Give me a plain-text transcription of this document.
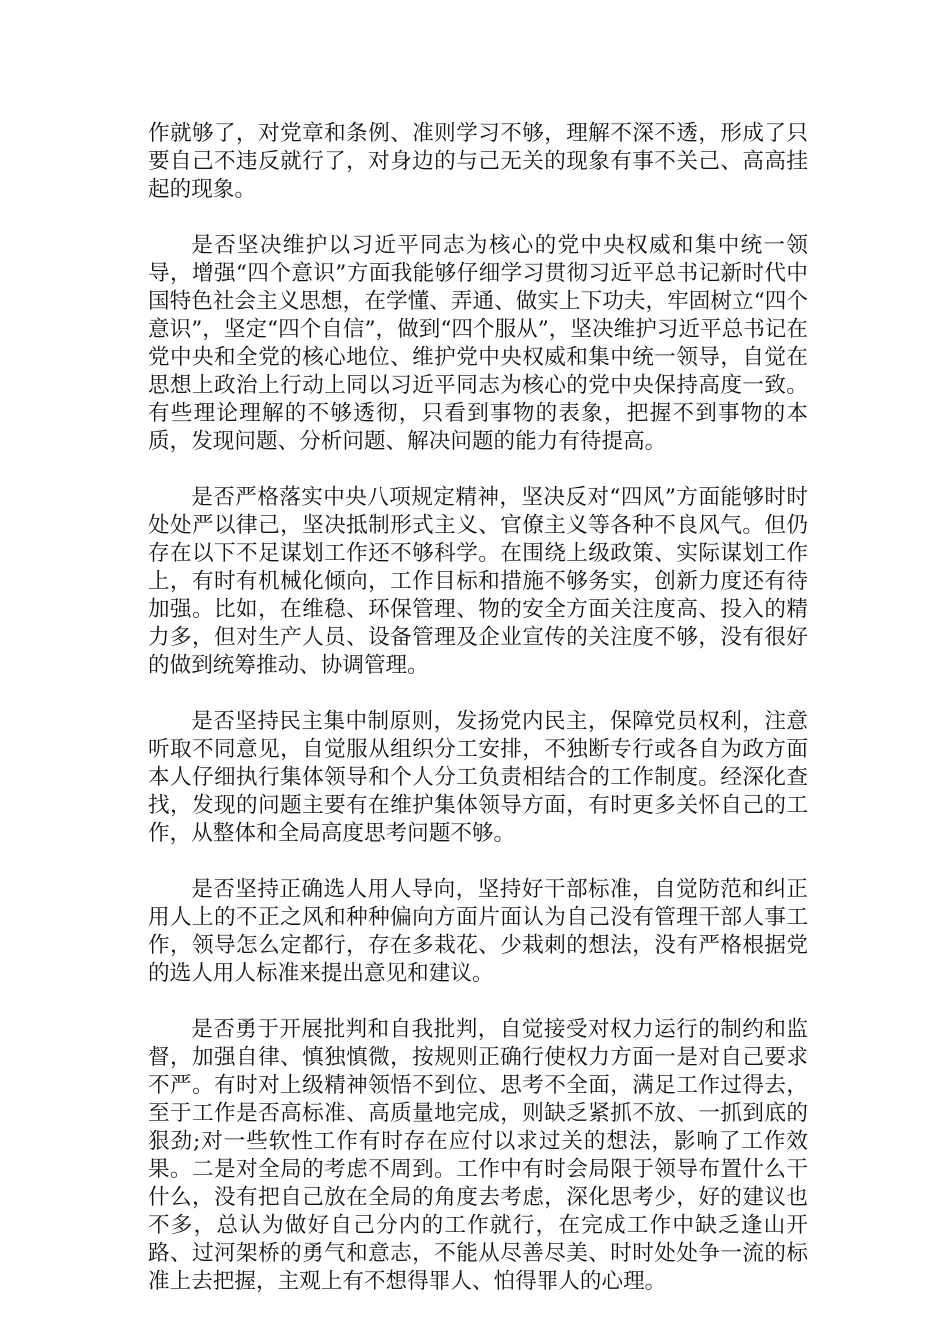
作就够了，对党章和条例、准则学习不够，理解不深不透，形成了只要自己不违反就行了，对身边的与己无关的现象有事不关己、高高挂起的现象。

是否坚决维护以习近平同志为核心的党中央权威和集中统一领导，增强“四个意识”方面我能够仔细学习贯彻习近平总书记新时代中国特色社会主义思想，在学懂、弄通、做实上下功夫，牢固树立“四个意识”，坚定“四个自信”，做到“四个服从”，坚决维护习近平总书记在党中央和全党的核心地位、维护党中央权威和集中统一领导，自觉在思想上政治上行动上同以习近平同志为核心的党中央保持高度一致。有些理论理解的不够透彻，只看到事物的表象，把握不到事物的本质，发现问题、分析问题、解决问题的能力有待提高。

是否严格落实中央八项规定精神，坚决反对“四风”方面能够时时处处严以律己，坚决抵制形式主义、官僚主义等各种不良风气。但仍存在以下不足谋划工作还不够科学。在围绕上级政策、实际谋划工作上，有时有机械化倾向，工作目标和措施不够务实，创新力度还有待加强。比如，在维稳、环保管理、物的安全方面关注度高、投入的精力多，但对生产人员、设备管理及企业宣传的关注度不够，没有很好的做到统筹推动、协调管理。

是否坚持民主集中制原则，发扬党内民主，保障党员权利，注意听取不同意见，自觉服从组织分工安排，不独断专行或各自为政方面本人仔细执行集体领导和个人分工负责相结合的工作制度。经深化查找，发现的问题主要有在维护集体领导方面，有时更多关怀自己的工作，从整体和全局高度思考问题不够。

是否坚持正确选人用人导向，坚持好干部标准，自觉防范和纠正用人上的不正之风和种种偏向方面片面认为自己没有管理干部人事工作，领导怎么定都行，存在多栽花、少栽刺的想法，没有严格根据党的选人用人标准来提出意见和建议。

是否勇于开展批判和自我批判，自觉接受对权力运行的制约和监督，加强自律、慎独慎微，按规则正确行使权力方面一是对自己要求不严。有时对上级精神领悟不到位、思考不全面，满足工作过得去，至于工作是否高标准、高质量地完成，则缺乏紧抓不放、一抓到底的狠劲;对一些软性工作有时存在应付以求过关的想法，影响了工作效果。二是对全局的考虑不周到。工作中有时会局限于领导布置什么干什么，没有把自己放在全局的角度去考虑，深化思考少，好的建议也不多，总认为做好自己分内的工作就行，在完成工作中缺乏逢山开路、过河架桥的勇气和意志，不能从尽善尽美、时时处处争一流的标准上去把握，主观上有不想得罪人、怕得罪人的心理。
